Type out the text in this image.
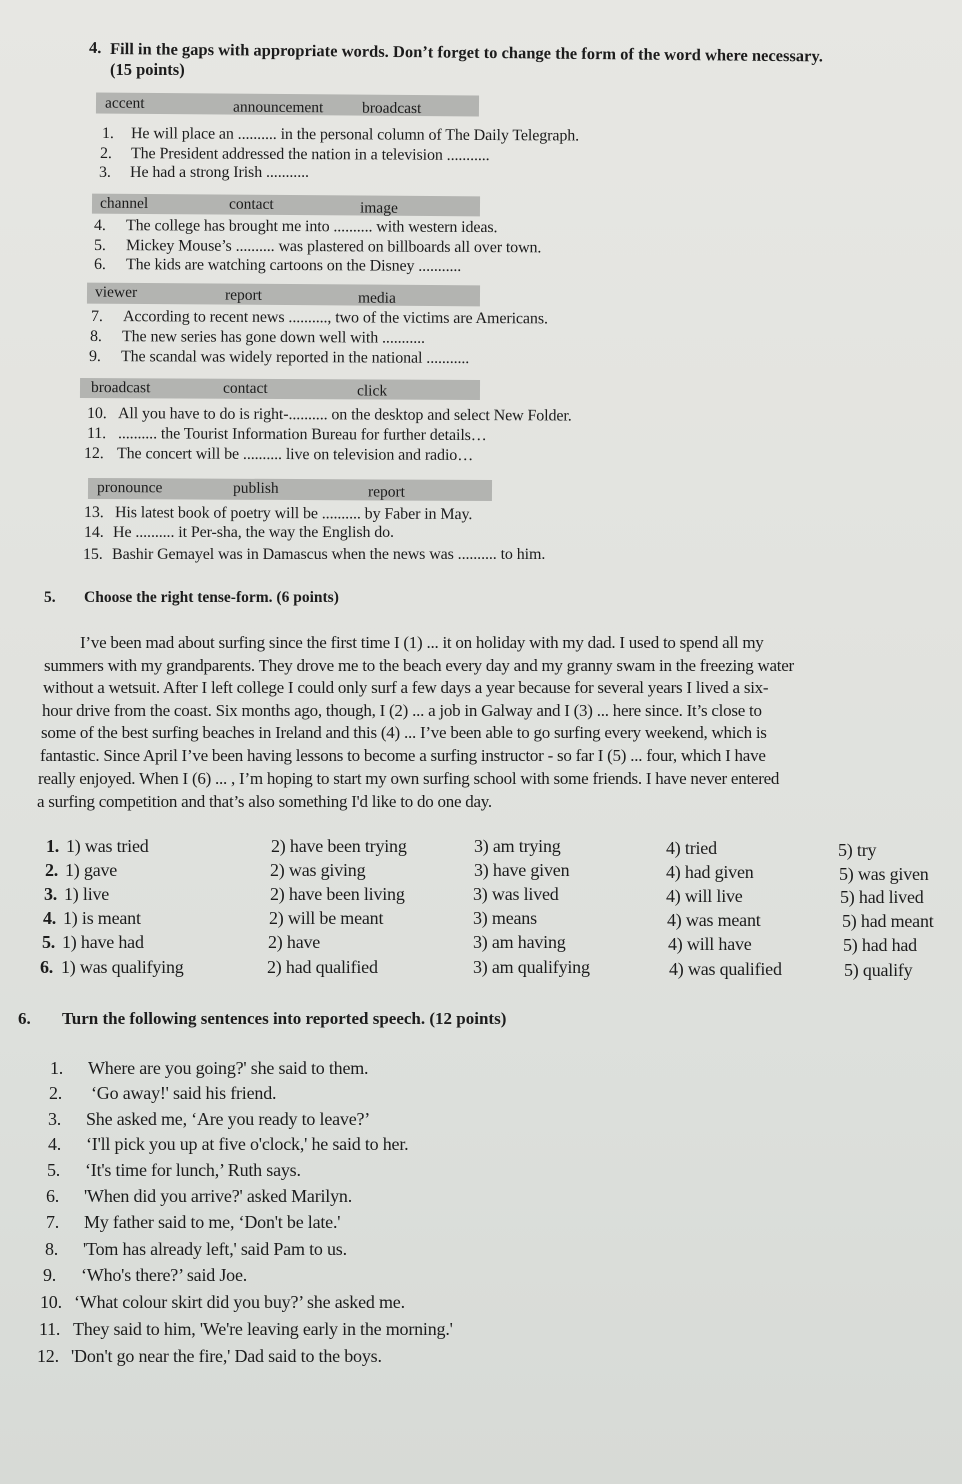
4. Fill in the gaps with appropriate words. Don’t forget to change the form of the word where necessary.
(15 points)
accent	announcement broadcast
1. He will place an .......... in the personal column of The Daily Telegraph.
2. The President addressed the nation in a television ...........
3. He had a strong Irish ...........
channel	contact	image
4. The college has brought me into .......... with western ideas.
5. Mickey Mouse’s .......... was plastered on billboards all over town.
6. The kids are watching cartoons on the Disney ...........
viewer	report	media
7. According to recent news .........., two of the victims are Americans.
8. The new series has gone down well with ...........
9. The scandal was widely reported in the national ...........
broadcast	contact	click
10. All you have to do is right-.......... on the desktop and select New Folder.
11. .......... the Tourist Information Bureau for further details…
12. The concert will be .......... live on television and radio…
pronounce	publish	report
13. His latest book of poetry will be .......... by Faber in May.
14. He .......... it Per-sha, the way the English do.
15. Bashir Gemayel was in Damascus when the news was .......... to him.
5. Choose the right tense-form. (6 points)
I’ve been mad about surfing since the first time I (1) ... it on holiday with my dad. I used to spend all my
summers with my grandparents. They drove me to the beach every day and my granny swam in the freezing water
without a wetsuit. After I left college I could only surf a few days a year because for several years I lived a six-
hour drive from the coast. Six months ago, though, I (2) ... a job in Galway and I (3) ... here since. It’s close to
some of the best surfing beaches in Ireland and this (4) ... I’ve been able to go surfing every weekend, which is
fantastic. Since April I’ve been having lessons to become a surfing instructor - so far I (5) ... four, which I have
really enjoyed. When I (6) ... , I’m hoping to start my own surfing school with some friends. I have never entered
a surfing competition and that’s also something I'd like to do one day.
1. 1) was tried	2) have been trying	3) am trying	4) tried	5) try
2. 1) gave	2) was giving	3) have given	4) had given	5) was given
3. 1) live	2) have been living	3) was lived	4) will live	5) had lived
4. 1) is meant	2) will be meant	3) means	4) was meant	5) had meant
5. 1) have had	2) have	3) am having	4) will have	5) had had
6. 1) was qualifying	2) had qualified	3) am qualifying	4) was qualified	5) qualify
6. Turn the following sentences into reported speech. (12 points)
1. Where are you going?' she said to them.
2. ‘Go away!' said his friend.
3. She asked me, ‘Are you ready to leave?’
4. ‘I'll pick you up at five o'clock,' he said to her.
5. ‘It's time for lunch,’ Ruth says.
6. 'When did you arrive?' asked Marilyn.
7. My father said to me, ‘Don't be late.'
8. 'Tom has already left,' said Pam to us.
9. ‘Who's there?’ said Joe.
10. ‘What colour skirt did you buy?’ she asked me.
11. They said to him, 'We're leaving early in the morning.'
12. 'Don't go near the fire,' Dad said to the boys.
